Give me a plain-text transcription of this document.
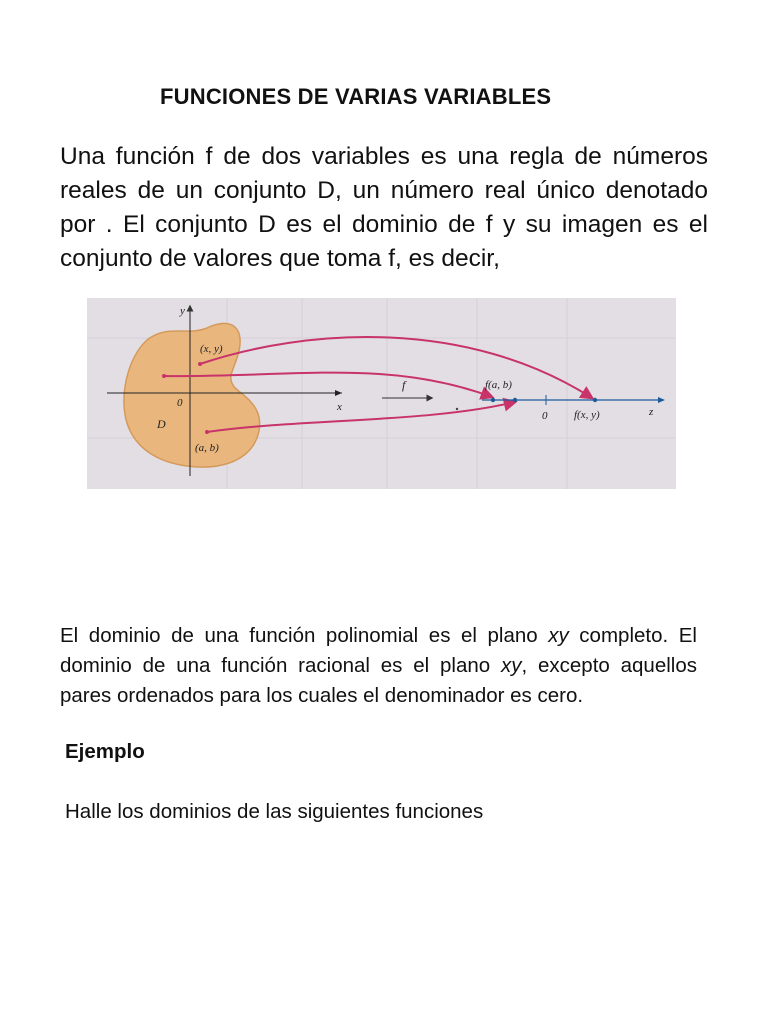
FUNCIONES DE VARIAS VARIABLES
Una función f de dos variables es una regla de números reales de un conjunto D, un número real único denotado por . El conjunto D es el dominio de f y su imagen es el conjunto de valores que toma f, es decir,
y
x
0
D
(x, y)
(a, b)
f	f(a, b)
0 f(x, y)	z
El dominio de una función polinomial es el plano xy completo. El dominio de una función racional es el plano xy, excepto aquellos pares ordenados para los cuales el denominador es cero.
Ejemplo
Halle los dominios de las siguientes funciones
